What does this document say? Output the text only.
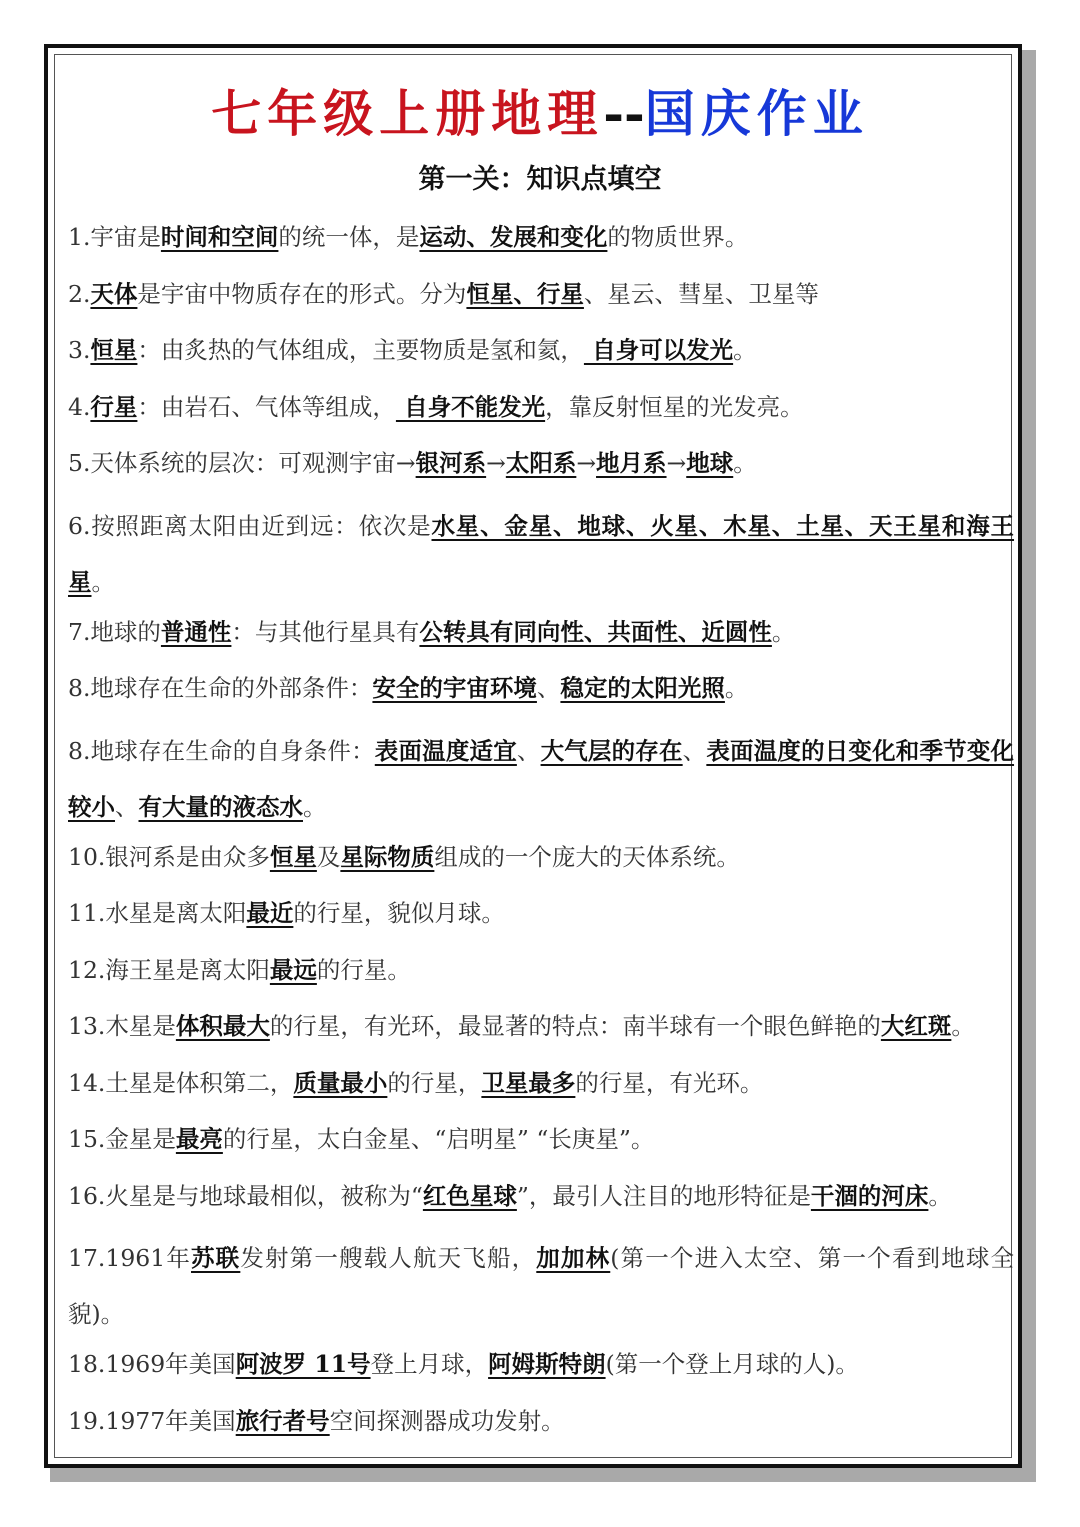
七年级上册地理--国庆作业
第一关：知识点填空
1.宇宙是时间和空间的统一体，是运动、发展和变化的物质世界。
2.天体是宇宙中物质存在的形式。分为恒星、行星、星云、彗星、卫星等
3.恒星：由炙热的气体组成，主要物质是氢和氦， 自身可以发光。
4.行星：由岩石、气体等组成， 自身不能发光，靠反射恒星的光发亮。
5.天体系统的层次：可观测宇宙→银河系→太阳系→地月系→地球。
6.按照距离太阳由近到远：依次是水星、金星、地球、火星、木星、土星、天王星和海王星。
7.地球的普通性：与其他行星具有公转具有同向性、共面性、近圆性。
8.地球存在生命的外部条件：安全的宇宙环境、稳定的太阳光照。
8.地球存在生命的自身条件：表面温度适宜、大气层的存在、表面温度的日变化和季节变化较小、有大量的液态水。
10.银河系是由众多恒星及星际物质组成的一个庞大的天体系统。
11.水星是离太阳最近的行星，貌似月球。
12.海王星是离太阳最远的行星。
13.木星是体积最大的行星，有光环，最显著的特点：南半球有一个眼色鲜艳的大红斑。
14.土星是体积第二，质量最小的行星，卫星最多的行星，有光环。
15.金星是最亮的行星，太白金星、“启明星” “长庚星”。
16.火星是与地球最相似，被称为“红色星球”，最引人注目的地形特征是干涸的河床。
17.1961年苏联发射第一艘载人航天飞船，加加林(第一个进入太空、第一个看到地球全貌)。
18.1969年美国阿波罗 11号登上月球，阿姆斯特朗(第一个登上月球的人)。
19.1977年美国旅行者号空间探测器成功发射。
